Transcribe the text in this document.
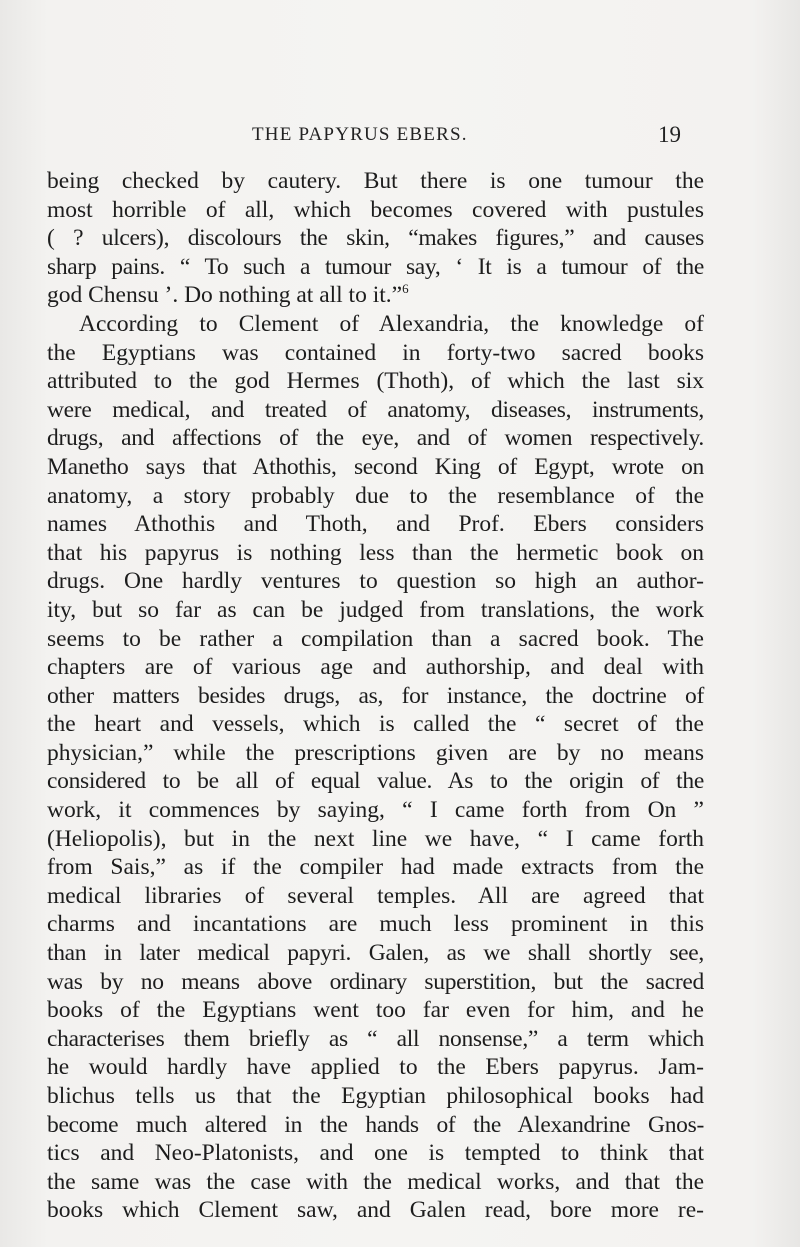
THE PAPYRUS EBERS.	19
being checked by cautery. But there is one tumour the
most horrible of all, which becomes covered with pustules
( ? ulcers), discolours the skin, “makes figures,” and causes
sharp pains. “ To such a tumour say, ‘ It is a tumour of the
god Chensu ’. Do nothing at all to it.”$^6$
According to Clement of Alexandria, the knowledge of
the Egyptians was contained in forty-two sacred books
attributed to the god Hermes (Thoth), of which the last six
were medical, and treated of anatomy, diseases, instruments,
drugs, and affections of the eye, and of women respectively.
Manetho says that Athothis, second King of Egypt, wrote on
anatomy, a story probably due to the resemblance of the
names Athothis and Thoth, and Prof. Ebers considers
that his papyrus is nothing less than the hermetic book on
drugs. One hardly ventures to question so high an author-
ity, but so far as can be judged from translations, the work
seems to be rather a compilation than a sacred book. The
chapters are of various age and authorship, and deal with
other matters besides drugs, as, for instance, the doctrine of
the heart and vessels, which is called the “ secret of the
physician,” while the prescriptions given are by no means
considered to be all of equal value. As to the origin of the
work, it commences by saying, “ I came forth from On ”
(Heliopolis), but in the next line we have, “ I came forth
from Sais,” as if the compiler had made extracts from the
medical libraries of several temples. All are agreed that
charms and incantations are much less prominent in this
than in later medical papyri. Galen, as we shall shortly see,
was by no means above ordinary superstition, but the sacred
books of the Egyptians went too far even for him, and he
characterises them briefly as “ all nonsense,” a term which
he would hardly have applied to the Ebers papyrus. Jam-
blichus tells us that the Egyptian philosophical books had
become much altered in the hands of the Alexandrine Gnos-
tics and Neo-Platonists, and one is tempted to think that
the same was the case with the medical works, and that the
books which Clement saw, and Galen read, bore more re-
